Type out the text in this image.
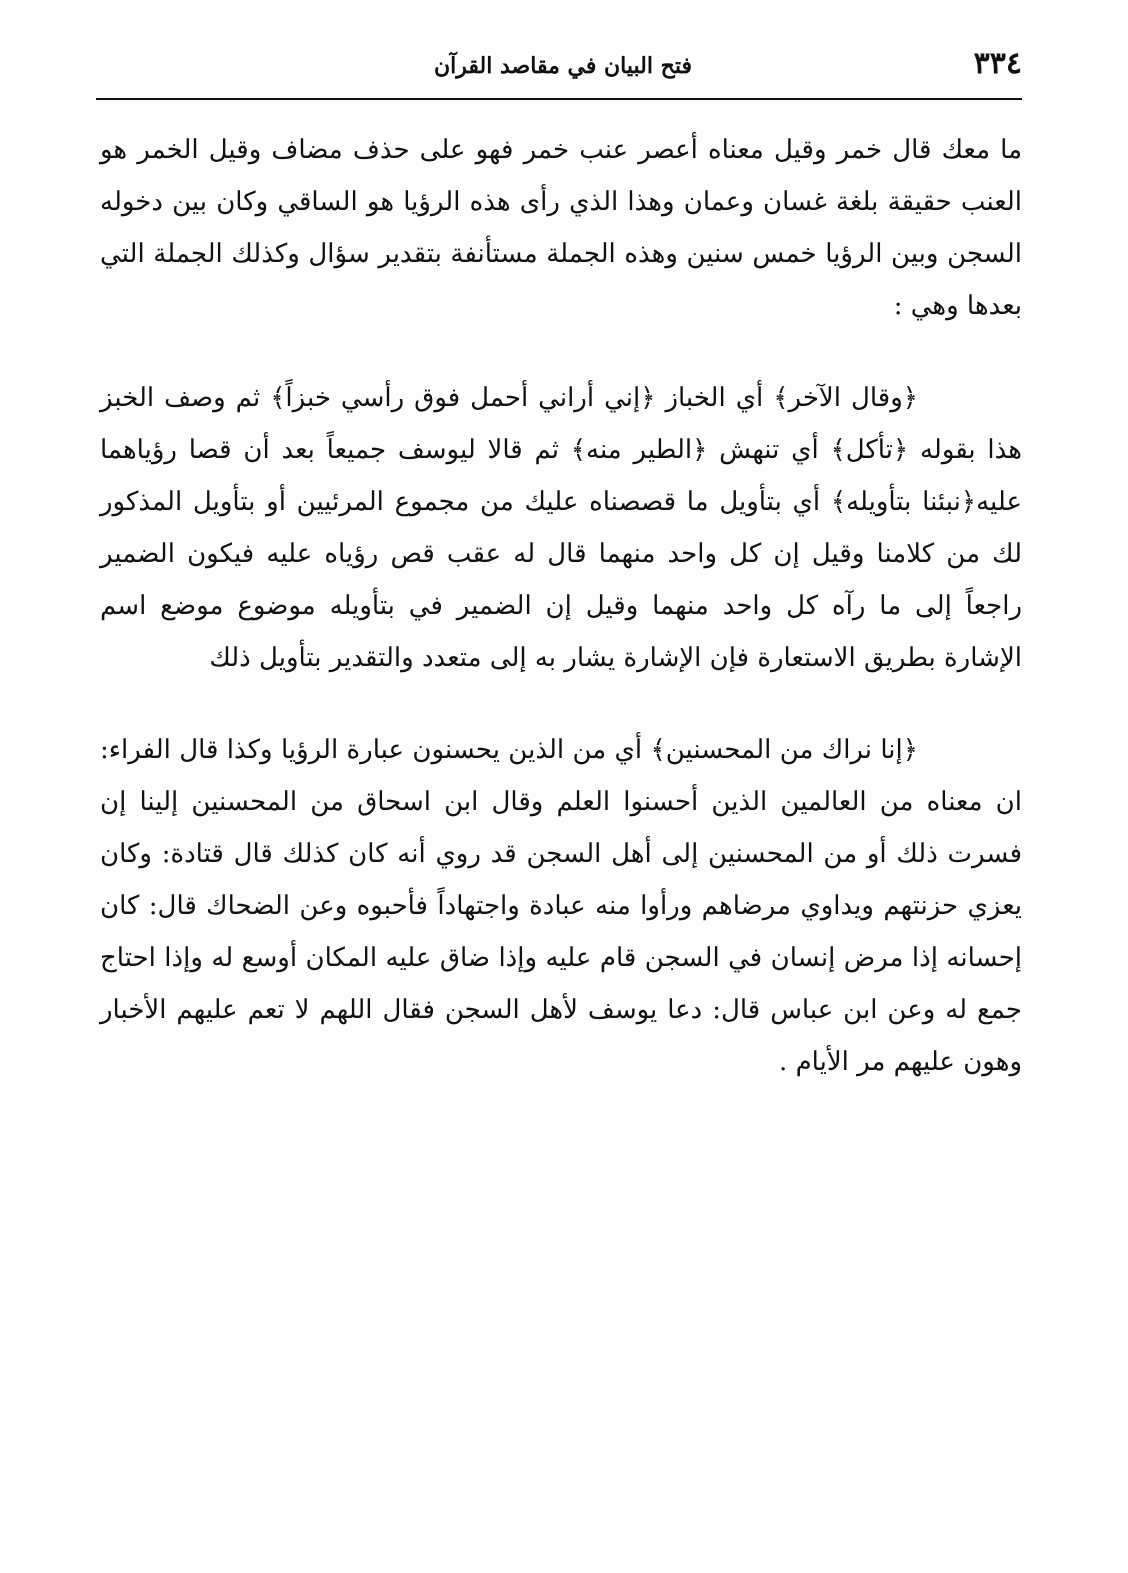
٣٣٤
فتح البيان في مقاصد القرآن

ما معك قال خمر وقيل معناه أعصر عنب خمر فهو على حذف مضاف وقيل الخمر هو العنب حقيقة بلغة غسان وعمان وهذا الذي رأى هذه الرؤيا هو الساقي وكان بين دخوله السجن وبين الرؤيا خمس سنين وهذه الجملة مستأنفة بتقدير سؤال وكذلك الجملة التي بعدها وهي :

﴿وقال الآخر﴾ أي الخباز ﴿إني أراني أحمل فوق رأسي خبزاً﴾ ثم وصف الخبز هذا بقوله ﴿تأكل﴾ أي تنهش ﴿الطير منه﴾ ثم قالا ليوسف جميعاً بعد أن قصا رؤياهما عليه﴿نبئنا بتأويله﴾ أي بتأويل ما قصصناه عليك من مجموع المرئيين أو بتأويل المذكور لك من كلامنا وقيل إن كل واحد منهما قال له عقب قص رؤياه عليه فيكون الضمير راجعاً إلى ما رآه كل واحد منهما وقيل إن الضمير في بتأويله موضوع موضع اسم الإشارة بطريق الاستعارة فإن الإشارة يشار به إلى متعدد والتقدير بتأويل ذلك

﴿إنا نراك من المحسنين﴾ أي من الذين يحسنون عبارة الرؤيا وكذا قال الفراء: ان معناه من العالمين الذين أحسنوا العلم وقال ابن اسحاق من المحسنين إلينا إن فسرت ذلك أو من المحسنين إلى أهل السجن قد روي أنه كان كذلك قال قتادة: وكان يعزي حزنتهم ويداوي مرضاهم ورأوا منه عبادة واجتهاداً فأحبوه وعن الضحاك قال: كان إحسانه إذا مرض إنسان في السجن قام عليه وإذا ضاق عليه المكان أوسع له وإذا احتاج جمع له وعن ابن عباس قال: دعا يوسف لأهل السجن فقال اللهم لا تعم عليهم الأخبار وهون عليهم مر الأيام .
